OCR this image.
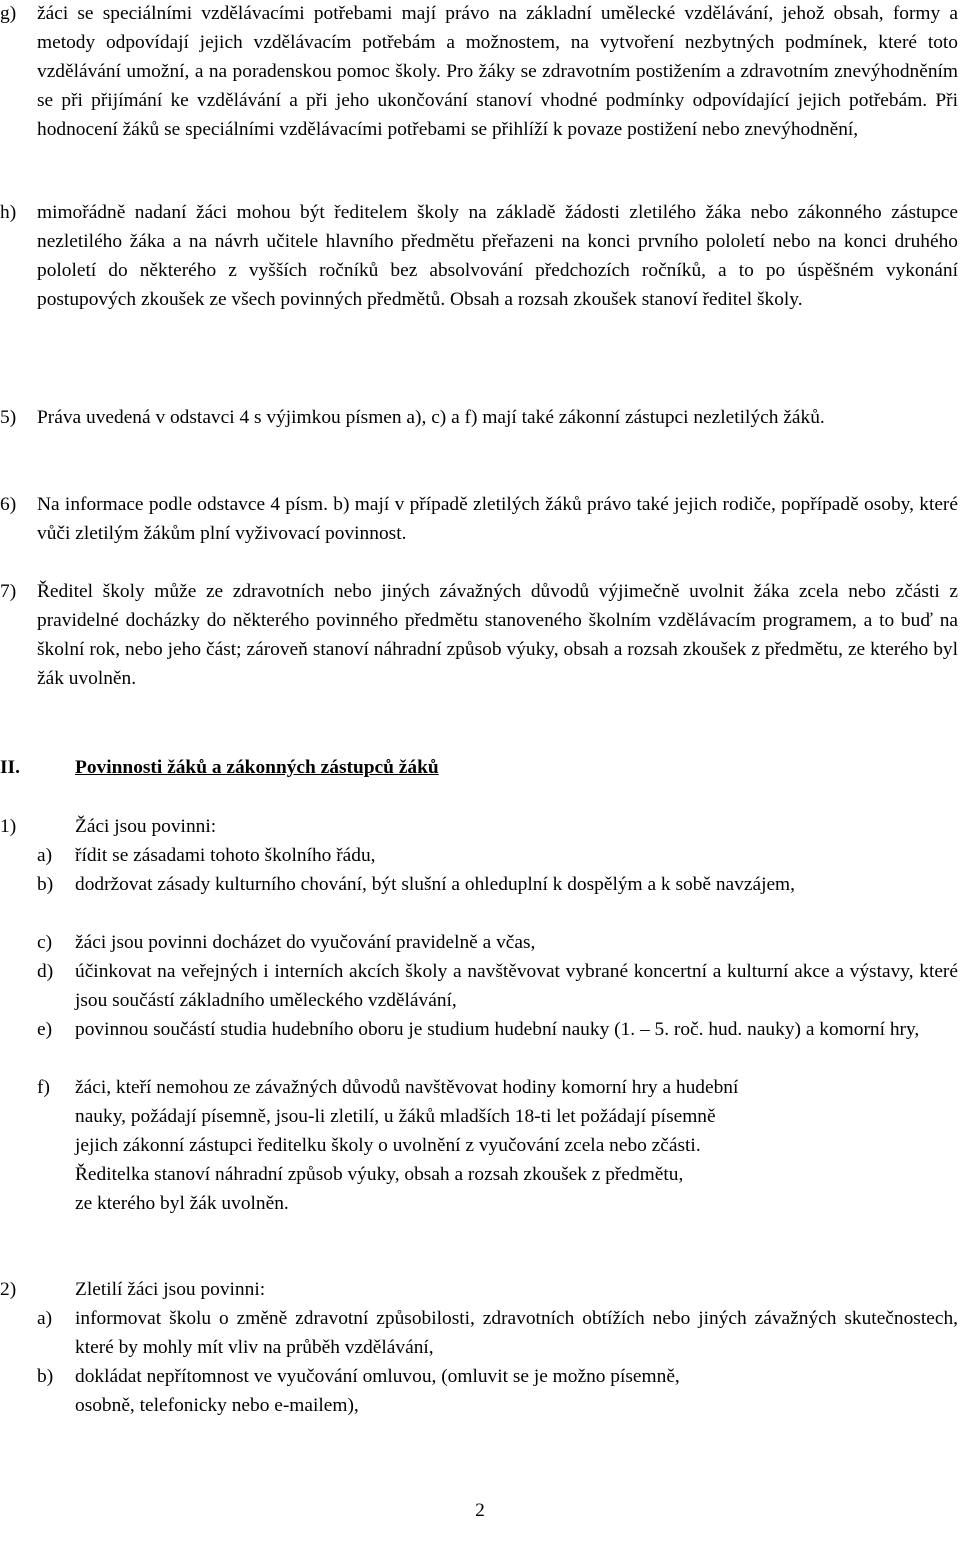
g) žáci se speciálními vzdělávacími potřebami mají právo na základní umělecké vzdělávání, jehož obsah, formy a metody odpovídají jejich vzdělávacím potřebám a možnostem, na vytvoření nezbytných podmínek, které toto vzdělávání umožní, a na poradenskou pomoc školy. Pro žáky se zdravotním postižením a zdravotním znevýhodněním se při přijímání ke vzdělávání a při jeho ukončování stanoví vhodné podmínky odpovídající jejich potřebám. Při hodnocení žáků se speciálními vzdělávacími potřebami se přihlíží k povaze postižení nebo znevýhodnění,
h) mimořádně nadaní žáci mohou být ředitelem školy na základě žádosti zletilého žáka nebo zákonného zástupce nezletilého žáka a na návrh učitele hlavního předmětu přeřazeni na konci prvního pololetí nebo na konci druhého pololetí do některého z vyšších ročníků bez absolvování předchozích ročníků, a to po úspěšném vykonání postupových zkoušek ze všech povinných předmětů. Obsah a rozsah zkoušek stanoví ředitel školy.
5) Práva uvedená v odstavci 4 s výjimkou písmen a), c) a f) mají také zákonní zástupci nezletilých žáků.
6) Na informace podle odstavce 4 písm. b) mají v případě zletilých žáků právo také jejich rodiče, popřípadě osoby, které vůči zletilým žákům plní vyživovací povinnost.
7) Ředitel školy může ze zdravotních nebo jiných závažných důvodů výjimečně uvolnit žáka zcela nebo zčásti z pravidelné docházky do některého povinného předmětu stanoveného školním vzdělávacím programem, a to buď na školní rok, nebo jeho část; zároveň stanoví náhradní způsob výuky, obsah a rozsah zkoušek z předmětu, ze kterého byl žák uvolněn.
II.	Povinnosti žáků a zákonných zástupců žáků
1)	Žáci jsou povinni:
a) řídit se zásadami tohoto školního řádu,
b) dodržovat zásady kulturního chování, být slušní a ohleduplní k dospělým a k sobě navzájem,
c) žáci jsou povinni docházet do vyučování pravidelně a včas,
d) účinkovat na veřejných i interních akcích školy a navštěvovat vybrané koncertní a kulturní akce a výstavy, které jsou součástí základního uměleckého vzdělávání,
e) povinnou součástí studia hudebního oboru je studium hudební nauky (1. – 5. roč. hud. nauky) a komorní hry,
f) žáci, kteří nemohou ze závažných důvodů navštěvovat hodiny komorní hry a hudební
nauky, požádají písemně, jsou-li zletilí, u žáků mladších 18-ti let požádají písemně
jejich zákonní zástupci ředitelku školy o uvolnění z vyučování zcela nebo zčásti.
Ředitelka stanoví náhradní způsob výuky, obsah a rozsah zkoušek z předmětu,
ze kterého byl žák uvolněn.
2)	Zletilí žáci jsou povinni:
a) informovat školu o změně zdravotní způsobilosti, zdravotních obtížích nebo jiných závažných skutečnostech, které by mohly mít vliv na průběh vzdělávání,
b) dokládat nepřítomnost ve vyučování omluvou, (omluvit se je možno písemně,
osobně, telefonicky nebo e-mailem),
2
